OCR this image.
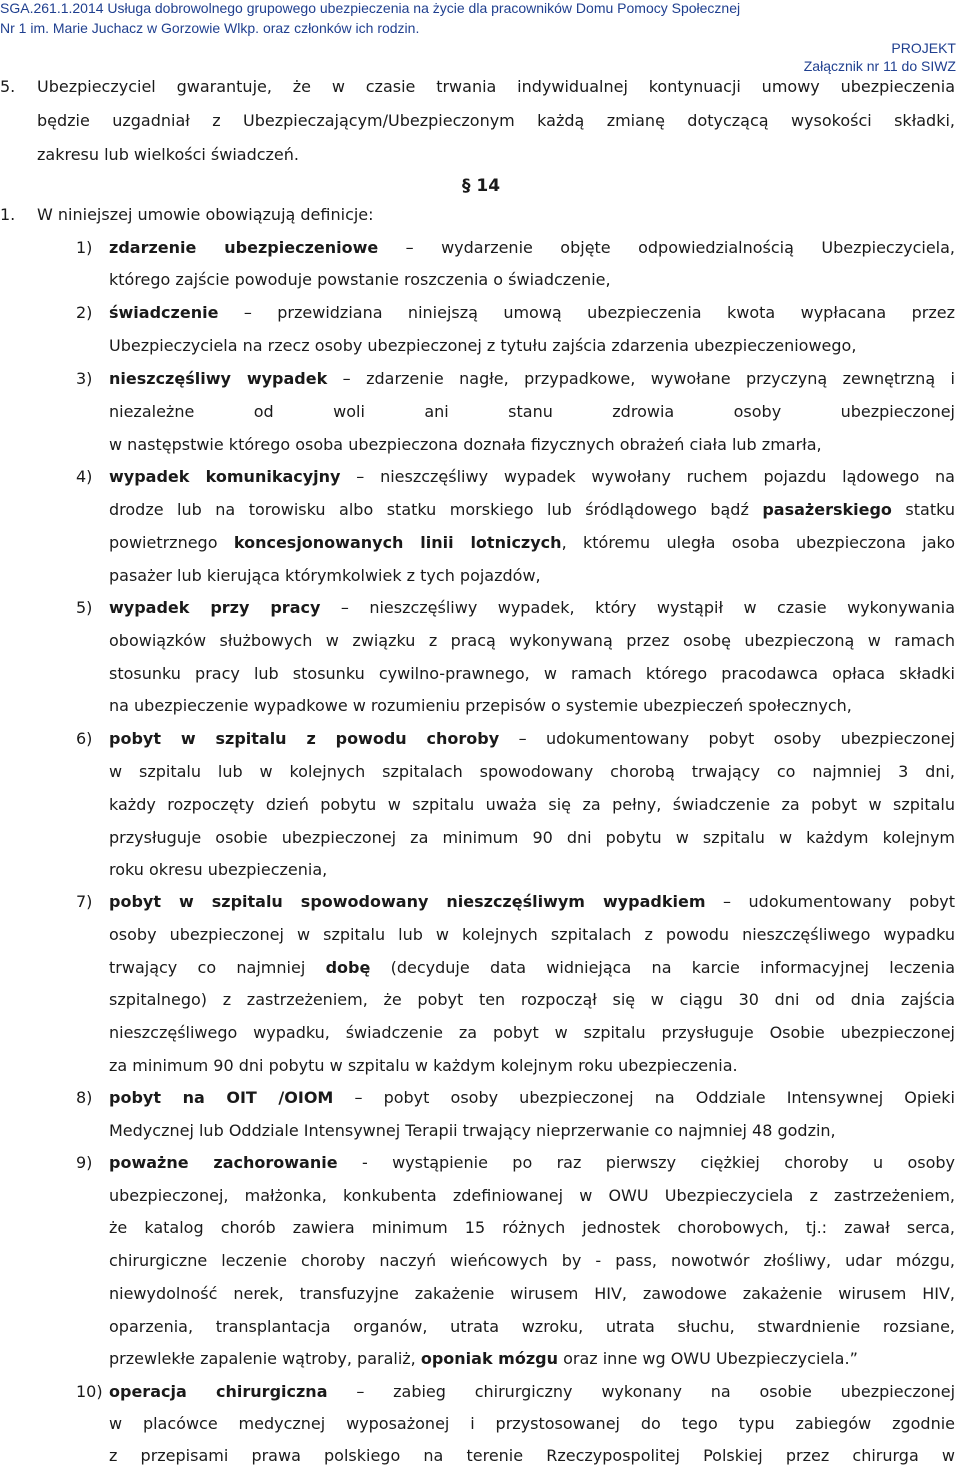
SGA.261.1.2014 Usługa dobrowolnego grupowego ubezpieczenia na życie dla pracowników Domu Pomocy Społecznej
Nr 1 im. Marie Juchacz w Gorzowie Wlkp. oraz członków ich rodzin.
PROJEKT
Załącznik nr 11 do SIWZ
5. Ubezpieczyciel gwarantuje, że w czasie trwania indywidualnej kontynuacji umowy ubezpieczenia
będzie uzgadniał z Ubezpieczającym/Ubezpieczonym każdą zmianę dotyczącą wysokości składki,
zakresu lub wielkości świadczeń.
§ 14
1. W niniejszej umowie obowiązują definicje:
1) zdarzenie ubezpieczeniowe – wydarzenie objęte odpowiedzialnością Ubezpieczyciela,
którego zajście powoduje powstanie roszczenia o świadczenie,
2) świadczenie – przewidziana niniejszą umową ubezpieczenia kwota wypłacana przez
Ubezpieczyciela na rzecz osoby ubezpieczonej z tytułu zajścia zdarzenia ubezpieczeniowego,
3) nieszczęśliwy wypadek – zdarzenie nagłe, przypadkowe, wywołane przyczyną zewnętrzną i
niezależne od woli ani stanu zdrowia osoby ubezpieczonej
w następstwie którego osoba ubezpieczona doznała fizycznych obrażeń ciała lub zmarła,
4) wypadek komunikacyjny – nieszczęśliwy wypadek wywołany ruchem pojazdu lądowego na
drodze lub na torowisku albo statku morskiego lub śródlądowego bądź pasażerskiego statku
powietrznego koncesjonowanych linii lotniczych, któremu uległa osoba ubezpieczona jako
pasażer lub kierująca którymkolwiek z tych pojazdów,
5) wypadek przy pracy – nieszczęśliwy wypadek, który wystąpił w czasie wykonywania
obowiązków służbowych w związku z pracą wykonywaną przez osobę ubezpieczoną w ramach
stosunku pracy lub stosunku cywilno-prawnego, w ramach którego pracodawca opłaca składki
na ubezpieczenie wypadkowe w rozumieniu przepisów o systemie ubezpieczeń społecznych,
6) pobyt w szpitalu z powodu choroby – udokumentowany pobyt osoby ubezpieczonej
w szpitalu lub w kolejnych szpitalach spowodowany chorobą trwający co najmniej 3 dni,
każdy rozpoczęty dzień pobytu w szpitalu uważa się za pełny, świadczenie za pobyt w szpitalu
przysługuje osobie ubezpieczonej za minimum 90 dni pobytu w szpitalu w każdym kolejnym
roku okresu ubezpieczenia,
7) pobyt w szpitalu spowodowany nieszczęśliwym wypadkiem – udokumentowany pobyt
osoby ubezpieczonej w szpitalu lub w kolejnych szpitalach z powodu nieszczęśliwego wypadku
trwający co najmniej dobę (decyduje data widniejąca na karcie informacyjnej leczenia
szpitalnego) z zastrzeżeniem, że pobyt ten rozpoczął się w ciągu 30 dni od dnia zajścia
nieszczęśliwego wypadku, świadczenie za pobyt w szpitalu przysługuje Osobie ubezpieczonej
za minimum 90 dni pobytu w szpitalu w każdym kolejnym roku ubezpieczenia.
8) pobyt na OIT /OIOM – pobyt osoby ubezpieczonej na Oddziale Intensywnej Opieki
Medycznej lub Oddziale Intensywnej Terapii trwający nieprzerwanie co najmniej 48 godzin,
9) poważne zachorowanie - wystąpienie po raz pierwszy ciężkiej choroby u osoby
ubezpieczonej, małżonka, konkubenta zdefiniowanej w OWU Ubezpieczyciela z zastrzeżeniem,
że katalog chorób zawiera minimum 15 różnych jednostek chorobowych, tj.: zawał serca,
chirurgiczne leczenie choroby naczyń wieńcowych by - pass, nowotwór złośliwy, udar mózgu,
niewydolność nerek, transfuzyjne zakażenie wirusem HIV, zawodowe zakażenie wirusem HIV,
oparzenia, transplantacja organów, utrata wzroku, utrata słuchu, stwardnienie rozsiane,
przewlekłe zapalenie wątroby, paraliż, oponiak mózgu oraz inne wg OWU Ubezpieczyciela.”
10) operacja chirurgiczna – zabieg chirurgiczny wykonany na osobie ubezpieczonej
w placówce medycznej wyposażonej i przystosowanej do tego typu zabiegów zgodnie
z przepisami prawa polskiego na terenie Rzeczypospolitej Polskiej przez chirurga w
